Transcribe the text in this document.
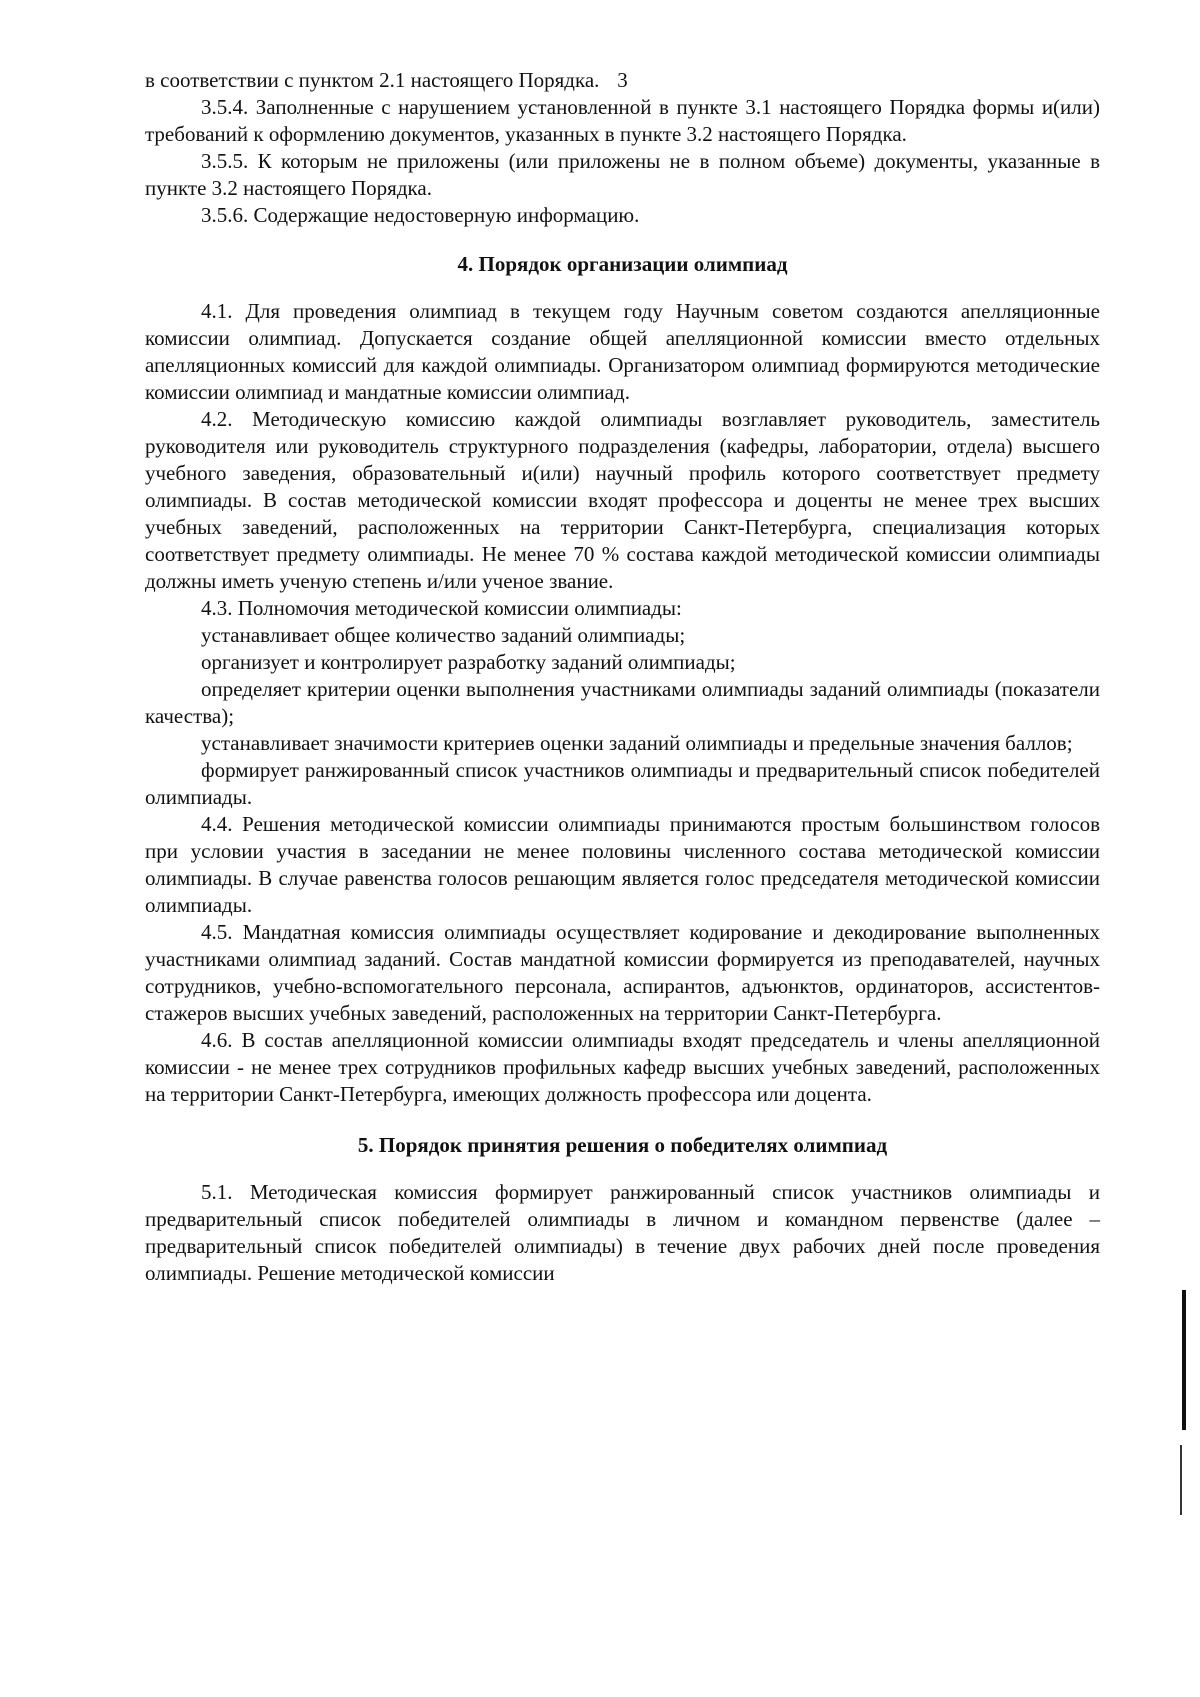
3

в соответствии с пунктом 2.1 настоящего Порядка.

3.5.4. Заполненные с нарушением установленной в пункте 3.1 настоящего Порядка формы и(или) требований к оформлению документов, указанных в пункте 3.2 настоящего Порядка.

3.5.5. К которым не приложены (или приложены не в полном объеме) документы, указанные в пункте 3.2 настоящего Порядка.

3.5.6. Содержащие недостоверную информацию.

4. Порядок организации олимпиад

4.1. Для проведения олимпиад в текущем году Научным советом создаются апелляционные комиссии олимпиад. Допускается создание общей апелляционной комиссии вместо отдельных апелляционных комиссий для каждой олимпиады. Организатором олимпиад формируются методические комиссии олимпиад и мандатные комиссии олимпиад.

4.2. Методическую комиссию каждой олимпиады возглавляет руководитель, заместитель руководителя или руководитель структурного подразделения (кафедры, лаборатории, отдела) высшего учебного заведения, образовательный и(или) научный профиль которого соответствует предмету олимпиады. В состав методической комиссии входят профессора и доценты не менее трех высших учебных заведений, расположенных на территории Санкт-Петербурга, специализация которых соответствует предмету олимпиады. Не менее 70 % состава каждой методической комиссии олимпиады должны иметь ученую степень и/или ученое звание.

4.3. Полномочия методической комиссии олимпиады:

устанавливает общее количество заданий олимпиады;

организует и контролирует разработку заданий олимпиады;

определяет критерии оценки выполнения участниками олимпиады заданий олимпиады (показатели качества);

устанавливает значимости критериев оценки заданий олимпиады и предельные значения баллов;

формирует ранжированный список участников олимпиады и предварительный список победителей олимпиады.

4.4. Решения методической комиссии олимпиады принимаются простым большинством голосов при условии участия в заседании не менее половины численного состава методической комиссии олимпиады. В случае равенства голосов решающим является голос председателя методической комиссии олимпиады.

4.5. Мандатная комиссия олимпиады осуществляет кодирование и декодирование выполненных участниками олимпиад заданий. Состав мандатной комиссии формируется из преподавателей, научных сотрудников, учебно-вспомогательного персонала, аспирантов, адъюнктов, ординаторов, ассистентов-стажеров высших учебных заведений, расположенных на территории Санкт-Петербурга.

4.6. В состав апелляционной комиссии олимпиады входят председатель и члены апелляционной комиссии - не менее трех сотрудников профильных кафедр высших учебных заведений, расположенных на территории Санкт-Петербурга, имеющих должность профессора или доцента.

5. Порядок принятия решения о победителях олимпиад

5.1. Методическая комиссия формирует ранжированный список участников олимпиады и предварительный список победителей олимпиады в личном и командном первенстве (далее – предварительный список победителей олимпиады) в течение двух рабочих дней после проведения олимпиады. Решение методической комиссии
